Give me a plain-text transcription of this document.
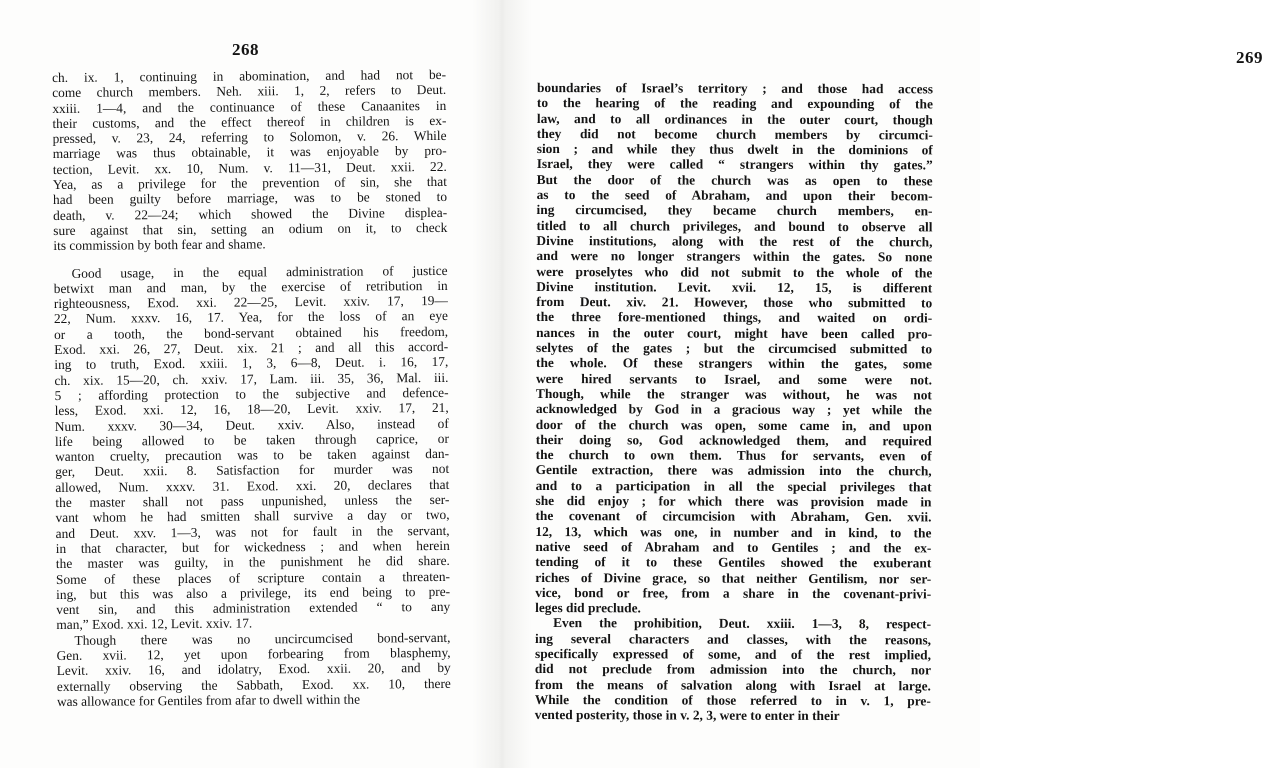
268
ch. ix. 1, continuing in abomination, and had not be-
come church members. Neh. xiii. 1, 2, refers to Deut.
xxiii. 1—4, and the continuance of these Canaanites in
their customs, and the effect thereof in children is ex-
pressed, v. 23, 24, referring to Solomon, v. 26. While
marriage was thus obtainable, it was enjoyable by pro-
tection, Levit. xx. 10, Num. v. 11—31, Deut. xxii. 22.
Yea, as a privilege for the prevention of sin, she that
had been guilty before marriage, was to be stoned to
death, v. 22—24; which showed the Divine displea-
sure against that sin, setting an odium on it, to check
its commission by both fear and shame.
Good usage, in the equal administration of justice
betwixt man and man, by the exercise of retribution in
righteousness, Exod. xxi. 22—25, Levit. xxiv. 17, 19—
22, Num. xxxv. 16, 17. Yea, for the loss of an eye
or a tooth, the bond-servant obtained his freedom,
Exod. xxi. 26, 27, Deut. xix. 21 ; and all this accord-
ing to truth, Exod. xxiii. 1, 3, 6—8, Deut. i. 16, 17,
ch. xix. 15—20, ch. xxiv. 17, Lam. iii. 35, 36, Mal. iii.
5 ; affording protection to the subjective and defence-
less, Exod. xxi. 12, 16, 18—20, Levit. xxiv. 17, 21,
Num. xxxv. 30—34, Deut. xxiv. Also, instead of
life being allowed to be taken through caprice, or
wanton cruelty, precaution was to be taken against dan-
ger, Deut. xxii. 8. Satisfaction for murder was not
allowed, Num. xxxv. 31. Exod. xxi. 20, declares that
the master shall not pass unpunished, unless the ser-
vant whom he had smitten shall survive a day or two,
and Deut. xxv. 1—3, was not for fault in the servant,
in that character, but for wickedness ; and when herein
the master was guilty, in the punishment he did share.
Some of these places of scripture contain a threaten-
ing, but this was also a privilege, its end being to pre-
vent sin, and this administration extended “ to any
man,” Exod. xxi. 12, Levit. xxiv. 17.
Though there was no uncircumcised bond-servant,
Gen. xvii. 12, yet upon forbearing from blasphemy,
Levit. xxiv. 16, and idolatry, Exod. xxii. 20, and by
externally observing the Sabbath, Exod. xx. 10, there
was allowance for Gentiles from afar to dwell within the
269
boundaries of Israel’s territory ; and those had access
to the hearing of the reading and expounding of the
law, and to all ordinances in the outer court, though
they did not become church members by circumci-
sion ; and while they thus dwelt in the dominions of
Israel, they were called “ strangers within thy gates.”
But the door of the church was as open to these
as to the seed of Abraham, and upon their becom-
ing circumcised, they became church members, en-
titled to all church privileges, and bound to observe all
Divine institutions, along with the rest of the church,
and were no longer strangers within the gates. So none
were proselytes who did not submit to the whole of the
Divine institution. Levit. xvii. 12, 15, is different
from Deut. xiv. 21. However, those who submitted to
the three fore-mentioned things, and waited on ordi-
nances in the outer court, might have been called pro-
selytes of the gates ; but the circumcised submitted to
the whole. Of these strangers within the gates, some
were hired servants to Israel, and some were not.
Though, while the stranger was without, he was not
acknowledged by God in a gracious way ; yet while the
door of the church was open, some came in, and upon
their doing so, God acknowledged them, and required
the church to own them. Thus for servants, even of
Gentile extraction, there was admission into the church,
and to a participation in all the special privileges that
she did enjoy ; for which there was provision made in
the covenant of circumcision with Abraham, Gen. xvii.
12, 13, which was one, in number and in kind, to the
native seed of Abraham and to Gentiles ; and the ex-
tending of it to these Gentiles showed the exuberant
riches of Divine grace, so that neither Gentilism, nor ser-
vice, bond or free, from a share in the covenant-privi-
leges did preclude.
Even the prohibition, Deut. xxiii. 1—3, 8, respect-
ing several characters and classes, with the reasons,
specifically expressed of some, and of the rest implied,
did not preclude from admission into the church, nor
from the means of salvation along with Israel at large.
While the condition of those referred to in v. 1, pre-
vented posterity, those in v. 2, 3, were to enter in their
